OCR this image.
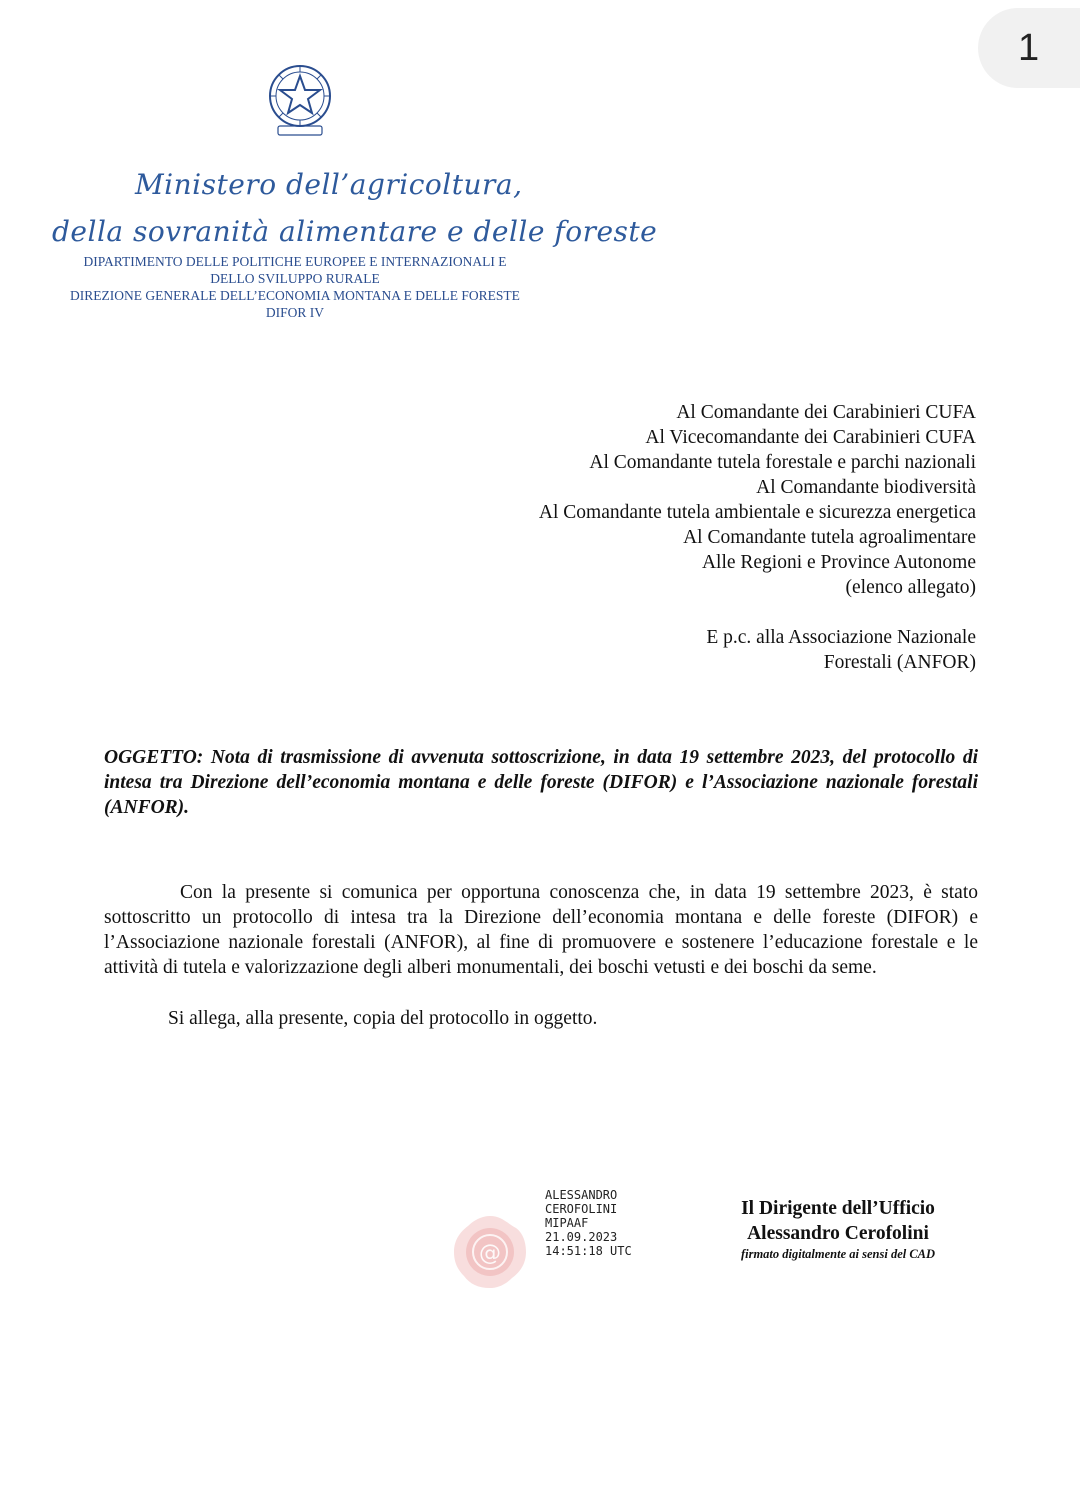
1
Ministero dell’agricoltura,
della sovranità alimentare e delle foreste
DIPARTIMENTO DELLE POLITICHE EUROPEE E INTERNAZIONALI E
DELLO SVILUPPO RURALE
DIREZIONE GENERALE DELL’ECONOMIA MONTANA E DELLE FORESTE
DIFOR IV
Al Comandante dei Carabinieri CUFA
Al Vicecomandante dei Carabinieri CUFA
Al Comandante tutela forestale e parchi nazionali
Al Comandante biodiversità
Al Comandante tutela ambientale e sicurezza energetica
Al Comandante tutela agroalimentare
Alle Regioni e Province Autonome
(elenco allegato)
E p.c. alla Associazione Nazionale
Forestali (ANFOR)
OGGETTO: Nota di trasmissione di avvenuta sottoscrizione, in data 19 settembre 2023, del protocollo di intesa tra Direzione dell’economia montana e delle foreste (DIFOR) e l’Associazione nazionale forestali (ANFOR).

Con la presente si comunica per opportuna conoscenza che, in data 19 settembre 2023, è stato sottoscritto un protocollo di intesa tra la Direzione dell’economia montana e delle foreste (DIFOR) e l’Associazione nazionale forestali (ANFOR), al fine di promuovere e sostenere l’educazione forestale e le attività di tutela e valorizzazione degli alberi monumentali, dei boschi vetusti e dei boschi da seme.

Si allega, alla presente, copia del protocollo in oggetto.

@
ALESSANDRO
CEROFOLINI
MIPAAF
21.09.2023
14:51:18 UTC
Il Dirigente dell’Ufficio
Alessandro Cerofolini
firmato digitalmente ai sensi del CAD
